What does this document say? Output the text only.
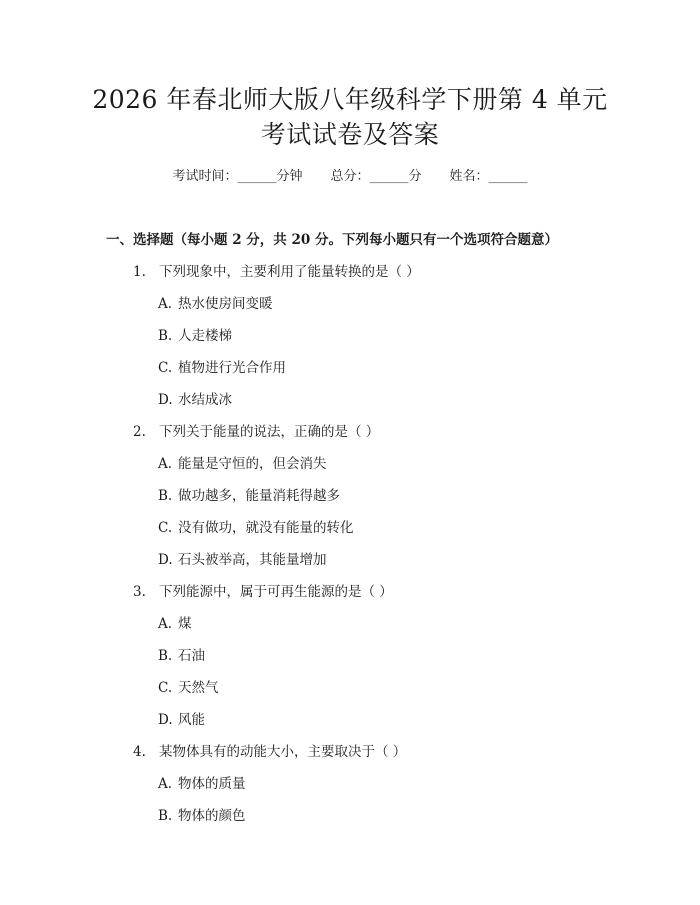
2026 年春北师大版八年级科学下册第 4 单元
考试试卷及答案
考试时间：______分钟 总分：______分 姓名：______
一、选择题（每小题 2 分，共 20 分。下列每小题只有一个选项符合题意）
1. 下列现象中，主要利用了能量转换的是（ ）
A. 热水使房间变暖
B. 人走楼梯
C. 植物进行光合作用
D. 水结成冰
2. 下列关于能量的说法，正确的是（ ）
A. 能量是守恒的，但会消失
B. 做功越多，能量消耗得越多
C. 没有做功，就没有能量的转化
D. 石头被举高，其能量增加
3. 下列能源中，属于可再生能源的是（ ）
A. 煤
B. 石油
C. 天然气
D. 风能
4. 某物体具有的动能大小，主要取决于（ ）
A. 物体的质量
B. 物体的颜色
